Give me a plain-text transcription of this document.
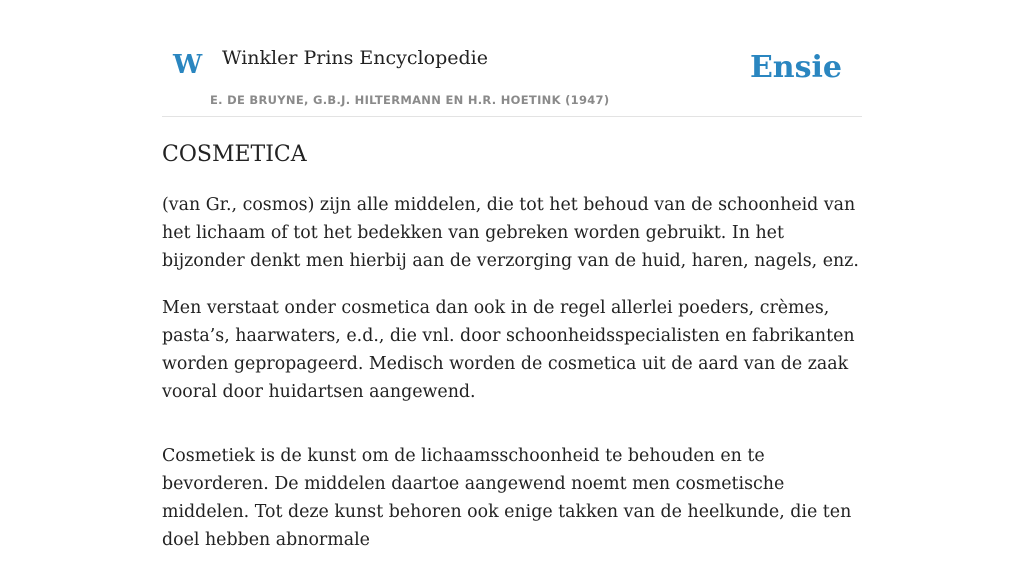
W Winkler Prins Encyclopedie
E. DE BRUYNE, G.B.J. HILTERMANN EN H.R. HOETINK (1947)
Ensie
COSMETICA

(van Gr., cosmos) zijn alle middelen, die tot het behoud van de schoonheid van het lichaam of tot het bedekken van gebreken worden gebruikt. In het bijzonder denkt men hierbij aan de verzorging van de huid, haren, nagels, enz.

Men verstaat onder cosmetica dan ook in de regel allerlei poeders, crèmes, pasta’s, haarwaters, e.d., die vnl. door schoonheidsspecialisten en fabrikanten worden gepropageerd. Medisch worden de cosmetica uit de aard van de zaak vooral door huidartsen aangewend.

Cosmetiek is de kunst om de lichaamsschoonheid te behouden en te bevorderen. De middelen daartoe aangewend noemt men cosmetische middelen. Tot deze kunst behoren ook enige takken van de heelkunde, die ten doel hebben abnormale
